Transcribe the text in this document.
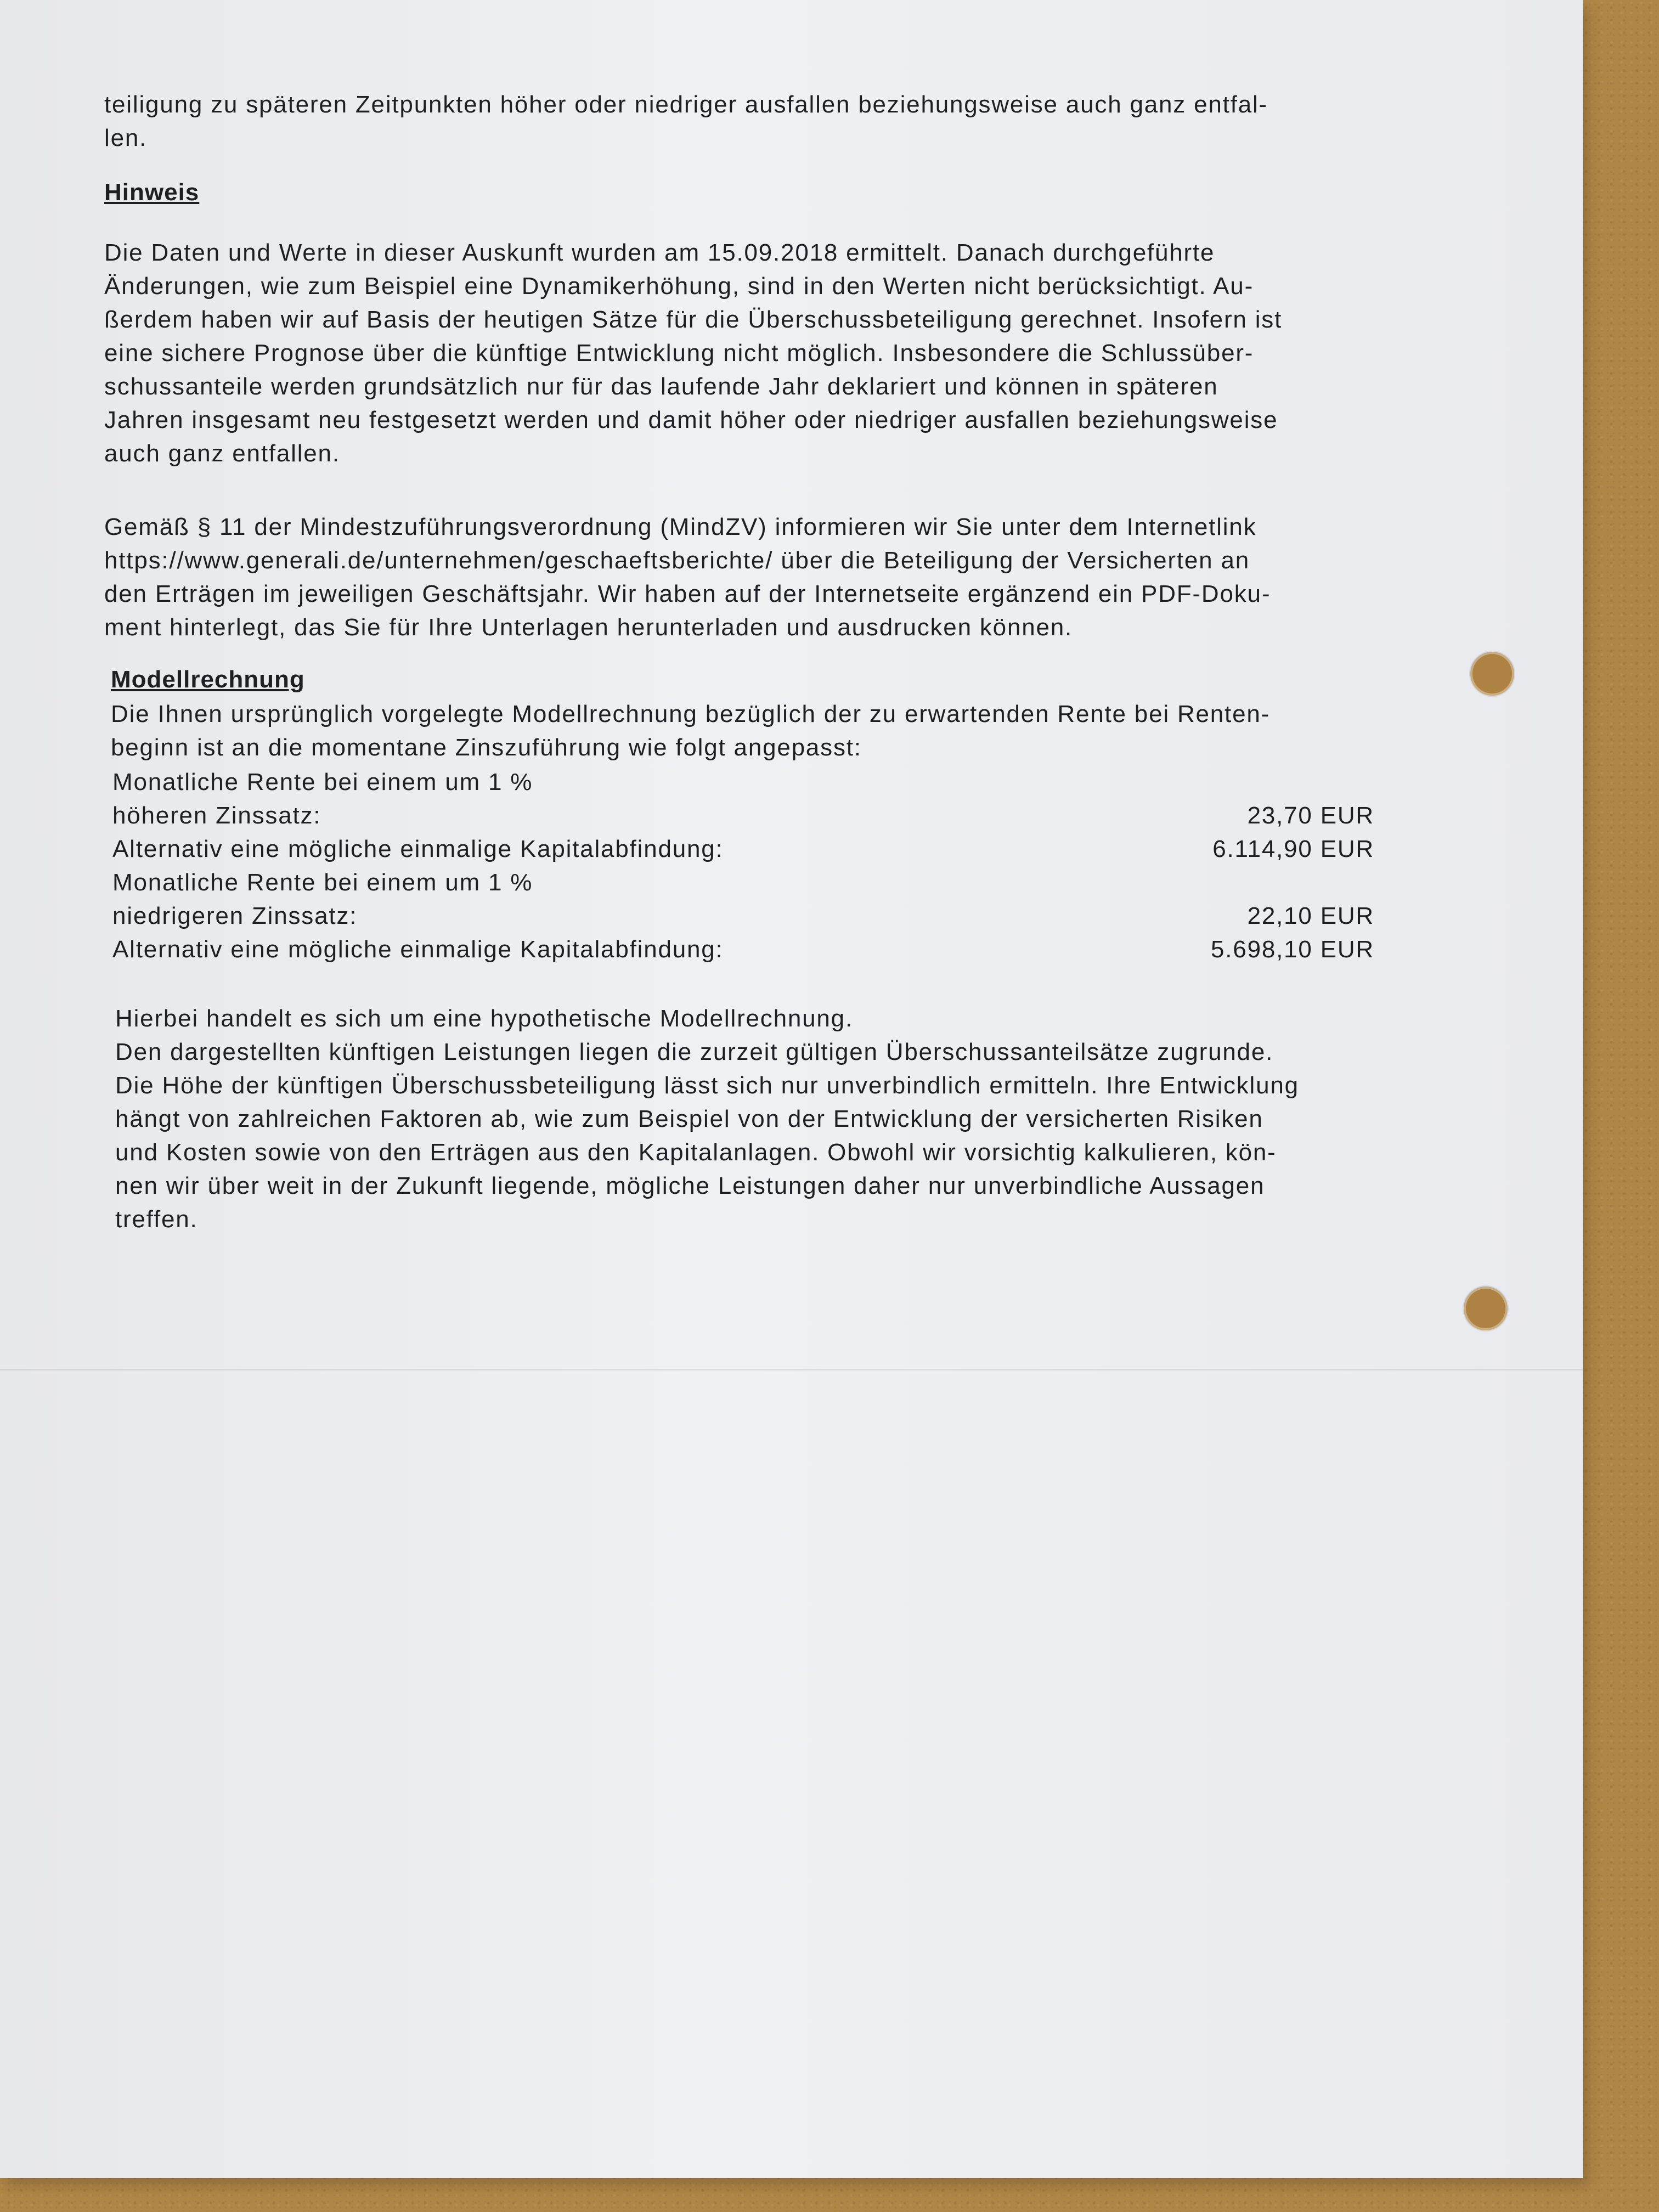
teiligung zu späteren Zeitpunkten höher oder niedriger ausfallen beziehungsweise auch ganz entfal-
len.
Hinweis
Die Daten und Werte in dieser Auskunft wurden am 15.09.2018 ermittelt. Danach durchgeführte
Änderungen, wie zum Beispiel eine Dynamikerhöhung, sind in den Werten nicht berücksichtigt. Au-
ßerdem haben wir auf Basis der heutigen Sätze für die Überschussbeteiligung gerechnet. Insofern ist
eine sichere Prognose über die künftige Entwicklung nicht möglich. Insbesondere die Schlussüber-
schussanteile werden grundsätzlich nur für das laufende Jahr deklariert und können in späteren
Jahren insgesamt neu festgesetzt werden und damit höher oder niedriger ausfallen beziehungsweise
auch ganz entfallen.
Gemäß § 11 der Mindestzuführungsverordnung (MindZV) informieren wir Sie unter dem Internetlink
https://www.generali.de/unternehmen/geschaeftsberichte/ über die Beteiligung der Versicherten an
den Erträgen im jeweiligen Geschäftsjahr. Wir haben auf der Internetseite ergänzend ein PDF-Doku-
ment hinterlegt, das Sie für Ihre Unterlagen herunterladen und ausdrucken können.
Modellrechnung
Die Ihnen ursprünglich vorgelegte Modellrechnung bezüglich der zu erwartenden Rente bei Renten-
beginn ist an die momentane Zinszuführung wie folgt angepasst:
Monatliche Rente bei einem um 1 %
höheren Zinssatz:	23,70 EUR
Alternativ eine mögliche einmalige Kapitalabfindung:	6.114,90 EUR
Monatliche Rente bei einem um 1 %
niedrigeren Zinssatz:	22,10 EUR
Alternativ eine mögliche einmalige Kapitalabfindung:	5.698,10 EUR
Hierbei handelt es sich um eine hypothetische Modellrechnung.
Den dargestellten künftigen Leistungen liegen die zurzeit gültigen Überschussanteilsätze zugrunde.
Die Höhe der künftigen Überschussbeteiligung lässt sich nur unverbindlich ermitteln. Ihre Entwicklung
hängt von zahlreichen Faktoren ab, wie zum Beispiel von der Entwicklung der versicherten Risiken
und Kosten sowie von den Erträgen aus den Kapitalanlagen. Obwohl wir vorsichtig kalkulieren, kön-
nen wir über weit in der Zukunft liegende, mögliche Leistungen daher nur unverbindliche Aussagen
treffen.
